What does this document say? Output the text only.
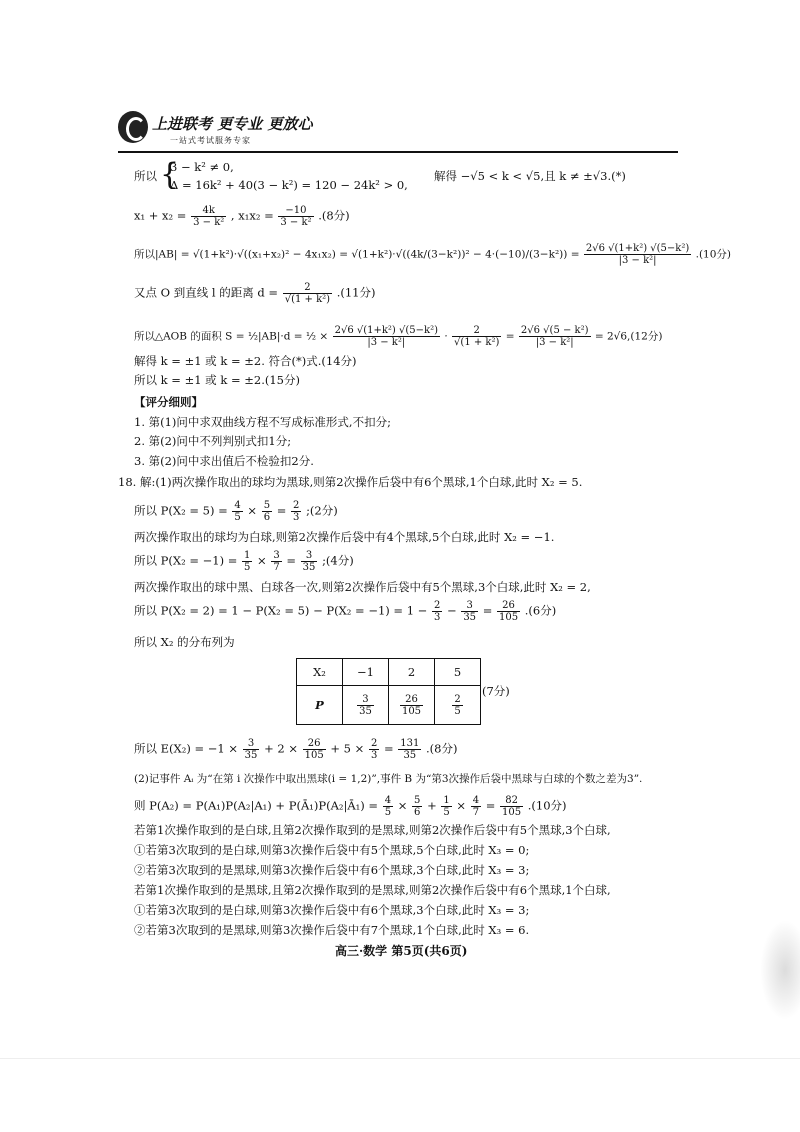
上进联考 更专业 更放心
一站式考试服务专家
所以 {
3 − k² ≠ 0,
Δ = 16k² + 40(3 − k²) = 120 − 24k² > 0,
解得 −√5 < k < √5,且 k ≠ ±√3.(*)
$x_1 + x_2 = \frac{4k}{\text{3 − k²}}$ , $x_1x_2 = \frac{-10}{\text{3 − k²}} .(8$分)
所以$|AB| = √(1+k^2)\cdot√((x_1+x_2)^2 - 4x_1x_2) = √(1+k^2)\cdot√((4k/(3-k^2))^2 - 4\cdot(-10)/(3-k^2)) = \frac{\text{2√6 √(1+k²) √(5−k²)}}{\text{|3 − k²|}} .(10$分)
又点 O 到直线 l 的距离 $d = \frac{2}{\text{√(1 + k²)}} .(11$分)
所以△AOB 的面积 S = ½|AB|·d = ½ × $\frac{\text{2√6 √(1+k²) √(5−k²)}}{\text{|3 − k²|}} \cdot \frac{2}{\text{√(1 + k²)}} = \frac{\text{2√6 √(5 − k²)}}{\text{|3 − k²|}} = 2√6,(12$分)
解得 k = ±1 或 k = ±2. 符合(*)式.(14分)
所以 k = ±1 或 k = ±2.(15分)
【评分细则】
1. 第(1)问中求双曲线方程不写成标准形式,不扣分;
2. 第(2)问中不列判别式扣1分;
3. 第(2)问中求出值后不检验扣2分.
18. 解:(1)两次操作取出的球均为黑球,则第2次操作后袋中有6个黑球,1个白球,此时 X₂ = 5.
所以 $P(X_2 = 5) = \frac{4}{5} \times \frac{5}{6} = \frac{2}{3}$ ;(2分)
两次操作取出的球均为白球,则第2次操作后袋中有4个黑球,5个白球,此时 X₂ = −1.
所以 $P(X_2 = -1) = \frac{1}{5} \times \frac{3}{7} = \frac{3}{35}$ ;(4分)
两次操作取出的球中黑、白球各一次,则第2次操作后袋中有5个黑球,3个白球,此时 X₂ = 2,
所以 $P(X_2 = 2) = 1 - P(X_2 = 5) - P(X_2 = -1) = 1 - \frac{2}{3} - \frac{3}{35} = \frac{26}{105} .(6$分)
所以 X₂ 的分布列为
X₂	−1	2	5
P	$\frac{3}{35}$	$\frac{26}{105}$	$\frac{2}{5}$
(7分)
所以 $E(X_2) = -1 \times \frac{3}{35} + 2 \times \frac{26}{105} + 5 \times \frac{2}{3} = \frac{131}{35} .(8$分)
(2)记事件 Aᵢ 为“在第 i 次操作中取出黑球(i = 1,2)”,事件 B 为“第3次操作后袋中黑球与白球的个数之差为3”.
则 P(A₂) = P(A₁)P(A₂|A₁) + P(Ā₁)P(A₂|Ā₁) = $\frac{4}{5} \times \frac{5}{6} + \frac{1}{5} \times \frac{4}{7} = \frac{82}{105} .(10$分)
若第1次操作取到的是白球,且第2次操作取到的是黑球,则第2次操作后袋中有5个黑球,3个白球,
①若第3次取到的是白球,则第3次操作后袋中有5个黑球,5个白球,此时 X₃ = 0;
②若第3次取到的是黑球,则第3次操作后袋中有6个黑球,3个白球,此时 X₃ = 3;
若第1次操作取到的是黑球,且第2次操作取到的是黑球,则第2次操作后袋中有6个黑球,1个白球,
①若第3次取到的是白球,则第3次操作后袋中有6个黑球,3个白球,此时 X₃ = 3;
②若第3次取到的是黑球,则第3次操作后袋中有7个黑球,1个白球,此时 X₃ = 6.
高三·数学 第5页(共6页)
